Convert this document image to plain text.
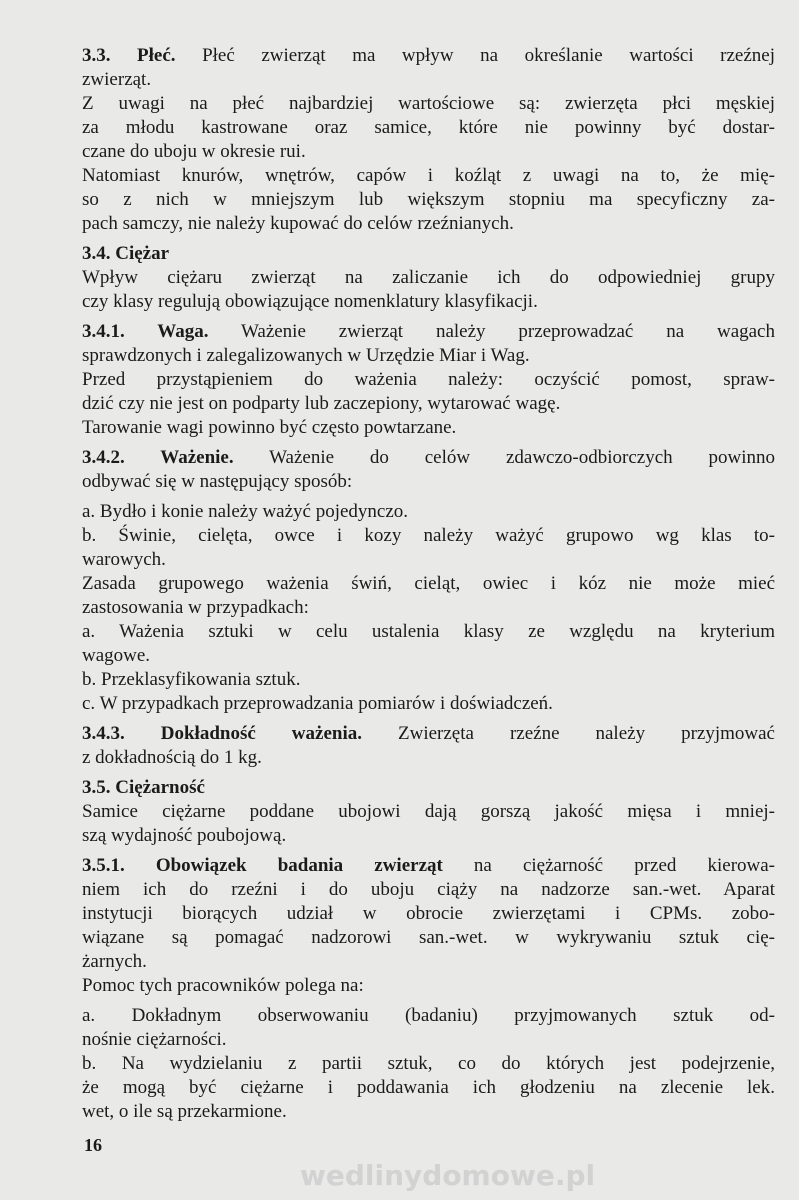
3.3. Płeć. Płeć zwierząt ma wpływ na określanie wartości rzeźnej
zwierząt.
Z uwagi na płeć najbardziej wartościowe są: zwierzęta płci męskiej
za młodu kastrowane oraz samice, które nie powinny być dostar-
czane do uboju w okresie rui.
Natomiast knurów, wnętrów, capów i koźląt z uwagi na to, że mię-
so z nich w mniejszym lub większym stopniu ma specyficzny za-
pach samczy, nie należy kupować do celów rzeźnianych.
3.4. Ciężar
Wpływ ciężaru zwierząt na zaliczanie ich do odpowiedniej grupy
czy klasy regulują obowiązujące nomenklatury klasyfikacji.
3.4.1. Waga. Ważenie zwierząt należy przeprowadzać na wagach
sprawdzonych i zalegalizowanych w Urzędzie Miar i Wag.
Przed przystąpieniem do ważenia należy: oczyścić pomost, spraw-
dzić czy nie jest on podparty lub zaczepiony, wytarować wagę.
Tarowanie wagi powinno być często powtarzane.
3.4.2. Ważenie. Ważenie do celów zdawczo-odbiorczych powinno
odbywać się w następujący sposób:
a. Bydło i konie należy ważyć pojedynczo.
b. Świnie, cielęta, owce i kozy należy ważyć grupowo wg klas to-
warowych.
Zasada grupowego ważenia świń, cieląt, owiec i kóz nie może mieć
zastosowania w przypadkach:
a. Ważenia sztuki w celu ustalenia klasy ze względu na kryterium
wagowe.
b. Przeklasyfikowania sztuk.
c. W przypadkach przeprowadzania pomiarów i doświadczeń.
3.4.3. Dokładność ważenia. Zwierzęta rzeźne należy przyjmować
z dokładnością do 1 kg.
3.5. Ciężarność
Samice ciężarne poddane ubojowi dają gorszą jakość mięsa i mniej-
szą wydajność poubojową.
3.5.1. Obowiązek badania zwierząt na ciężarność przed kierowa-
niem ich do rzeźni i do uboju ciąży na nadzorze san.-wet. Aparat
instytucji biorących udział w obrocie zwierzętami i CPMs. zobo-
wiązane są pomagać nadzorowi san.-wet. w wykrywaniu sztuk cię-
żarnych.
Pomoc tych pracowników polega na:
a. Dokładnym obserwowaniu (badaniu) przyjmowanych sztuk od-
nośnie ciężarności.
b. Na wydzielaniu z partii sztuk, co do których jest podejrzenie,
że mogą być ciężarne i poddawania ich głodzeniu na zlecenie lek.
wet, o ile są przekarmione.
16
wedlinydomowe.pl
